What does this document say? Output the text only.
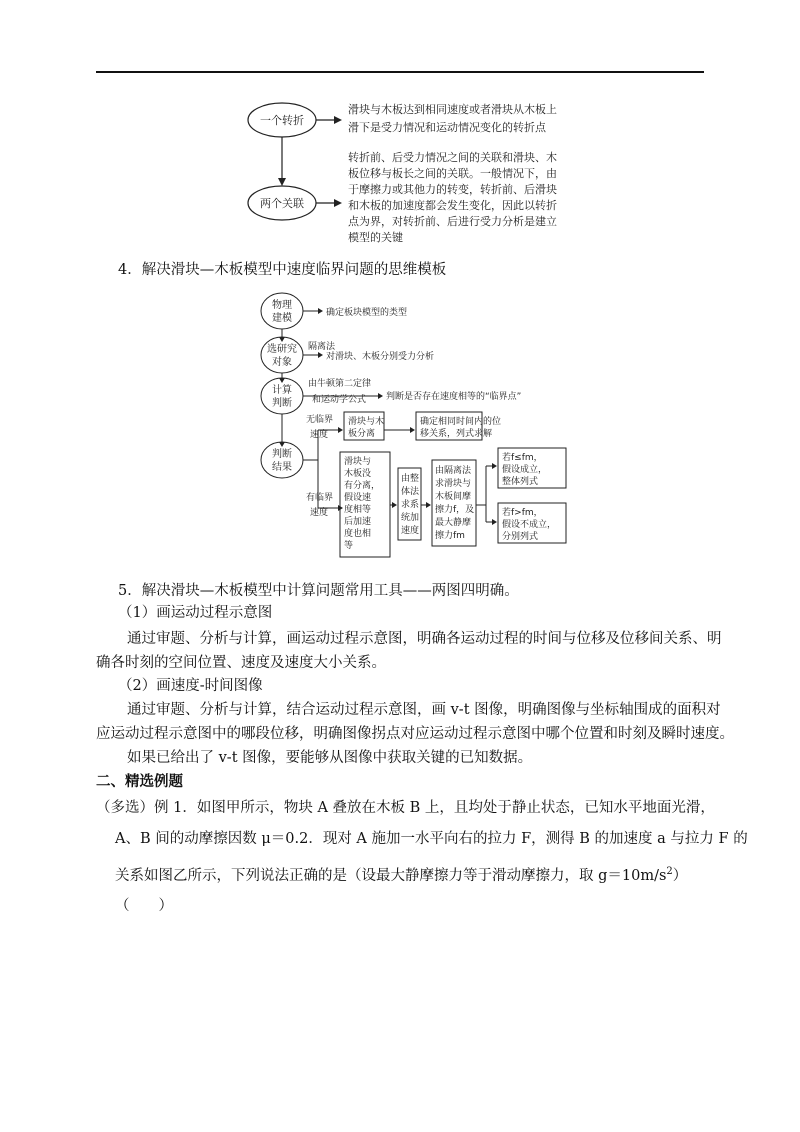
一个转折
两个关联
滑块与木板达到相同速度或者滑块从木板上
滑下是受力情况和运动情况变化的转折点
转折前、后受力情况之间的关联和滑块、木
板位移与板长之间的关联。一般情况下，由
于摩擦力或其他力的转变，转折前、后滑块
和木板的加速度都会发生变化，因此以转折
点为界，对转折前、后进行受力分析是建立
模型的关键
4．解决滑块—木板模型中速度临界问题的思维模板
物理
建模	确定板块模型的类型
选研究
对象
隔离法
对滑块、木板分别受力分析
计算
判断
由牛顿第二定律
和运动学公式 判断是否存在速度相等的“临界点”
判断
结果
无临界
速度
滑块与木
板分离
确定相同时间内的位
移关系，列式求解
有临界
速度
滑块与
木板没
有分离，
假设速
度相等
后加速
度也相
等
由整
体法
求系
统加
速度
由隔离法
求滑块与
木板间摩
擦力f，及
最大静摩
擦力fm
若f≤fm，
假设成立，
整体列式
若f>fm，
假设不成立，
分别列式
5．解决滑块—木板模型中计算问题常用工具——两图四明确。
（1）画运动过程示意图
通过审题、分析与计算，画运动过程示意图，明确各运动过程的时间与位移及位移间关系、明
确各时刻的空间位置、速度及速度大小关系。
（2）画速度-时间图像
通过审题、分析与计算，结合运动过程示意图，画 v-t 图像，明确图像与坐标轴围成的面积对
应运动过程示意图中的哪段位移，明确图像拐点对应运动过程示意图中哪个位置和时刻及瞬时速度。
如果已给出了 v-t 图像，要能够从图像中获取关键的已知数据。
二、精选例题
（多选）例 1．如图甲所示，物块 A 叠放在木板 B 上，且均处于静止状态，已知水平地面光滑，
A、B 间的动摩擦因数 μ＝0.2．现对 A 施加一水平向右的拉力 F，测得 B 的加速度 a 与拉力 F 的
关系如图乙所示，下列说法正确的是（设最大静摩擦力等于滑动摩擦力，取 $g=10m/s^2$）
（　　）
